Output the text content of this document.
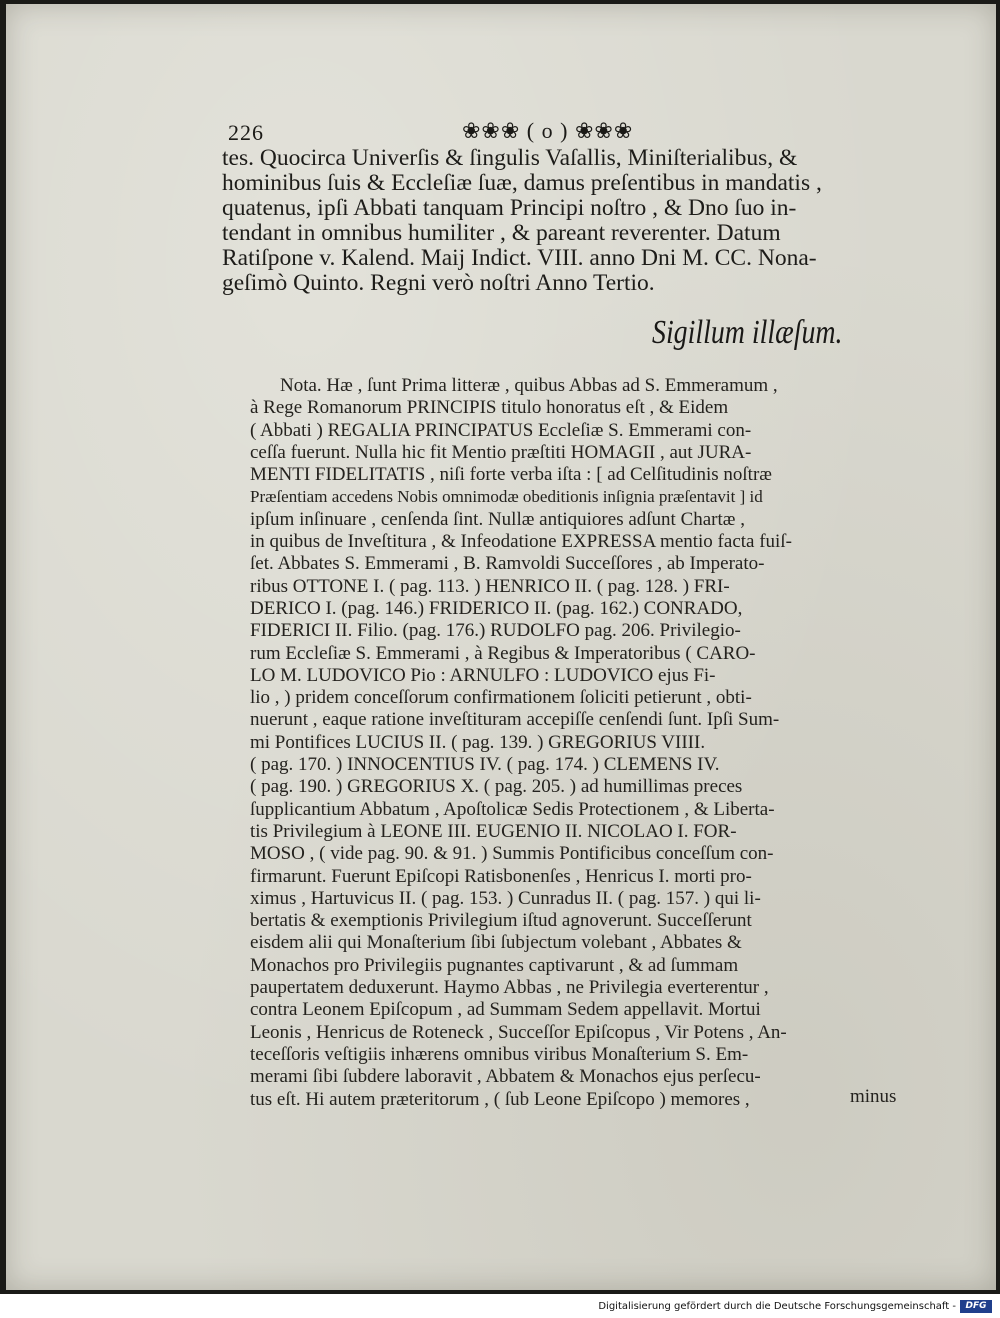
226	❀❀❀ ( o ) ❀❀❀
tes. Quocirca Univerſis & ſingulis Vaſallis, Miniſterialibus, &
hominibus ſuis & Eccleſiæ ſuæ, damus preſentibus in mandatis ,
quatenus, ipſi Abbati tanquam Principi noſtro , & Dno ſuo in-
tendant in omnibus humiliter , & pareant reverenter. Datum
Ratiſpone v. Kalend. Maij Indict. VIII. anno Dni M. CC. Nona-
geſimò Quinto. Regni verò noſtri Anno Tertio.
Sigillum illæſum.
Nota. Hæ , ſunt Prima litteræ , quibus Abbas ad S. Emmeramum ,
à Rege Romanorum PRINCIPIS titulo honoratus eſt , & Eidem
( Abbati ) REGALIA PRINCIPATUS Eccleſiæ S. Emmerami con-
ceſſa fuerunt. Nulla hic fit Mentio præſtiti HOMAGII , aut JURA-
MENTI FIDELITATIS , niſi forte verba iſta : [ ad Celſitudinis noſtræ
Præſentiam accedens Nobis omnimodæ obeditionis inſignia præſentavit ] id
ipſum inſinuare , cenſenda ſint. Nullæ antiquiores adſunt Chartæ ,
in quibus de Inveſtitura , & Infeodatione EXPRESSA mentio facta fuiſ-
ſet. Abbates S. Emmerami , B. Ramvoldi Succeſſores , ab Imperato-
ribus OTTONE I. ( pag. 113. ) HENRICO II. ( pag. 128. ) FRI-
DERICO I. (pag. 146.) FRIDERICO II. (pag. 162.) CONRADO,
FIDERICI II. Filio. (pag. 176.) RUDOLFO pag. 206. Privilegio-
rum Eccleſiæ S. Emmerami , à Regibus & Imperatoribus ( CARO-
LO M. LUDOVICO Pio : ARNULFO : LUDOVICO ejus Fi-
lio , ) pridem conceſſorum confirmationem ſoliciti petierunt , obti-
nuerunt , eaque ratione inveſtituram accepiſſe cenſendi ſunt. Ipſi Sum-
mi Pontifices LUCIUS II. ( pag. 139. ) GREGORIUS VIIII.
( pag. 170. ) INNOCENTIUS IV. ( pag. 174. ) CLEMENS IV.
( pag. 190. ) GREGORIUS X. ( pag. 205. ) ad humillimas preces
ſupplicantium Abbatum , Apoſtolicæ Sedis Protectionem , & Liberta-
tis Privilegium à LEONE III. EUGENIO II. NICOLAO I. FOR-
MOSO , ( vide pag. 90. & 91. ) Summis Pontificibus conceſſum con-
firmarunt. Fuerunt Epiſcopi Ratisbonenſes , Henricus I. morti pro-
ximus , Hartuvicus II. ( pag. 153. ) Cunradus II. ( pag. 157. ) qui li-
bertatis & exemptionis Privilegium iſtud agnoverunt. Succeſſerunt
eisdem alii qui Monaſterium ſibi ſubjectum volebant , Abbates &
Monachos pro Privilegiis pugnantes captivarunt , & ad ſummam
paupertatem deduxerunt. Haymo Abbas , ne Privilegia everterentur ,
contra Leonem Epiſcopum , ad Summam Sedem appellavit. Mortui
Leonis , Henricus de Roteneck , Succeſſor Epiſcopus , Vir Potens , An-
teceſſoris veſtigiis inhærens omnibus viribus Monaſterium S. Em-
merami ſibi ſubdere laboravit , Abbatem & Monachos ejus perſecu-
tus eſt. Hi autem præteritorum , ( ſub Leone Epiſcopo ) memores ,	minus
Digitalisierung gefördert durch die Deutsche Forschungsgemeinschaft -	DFG
